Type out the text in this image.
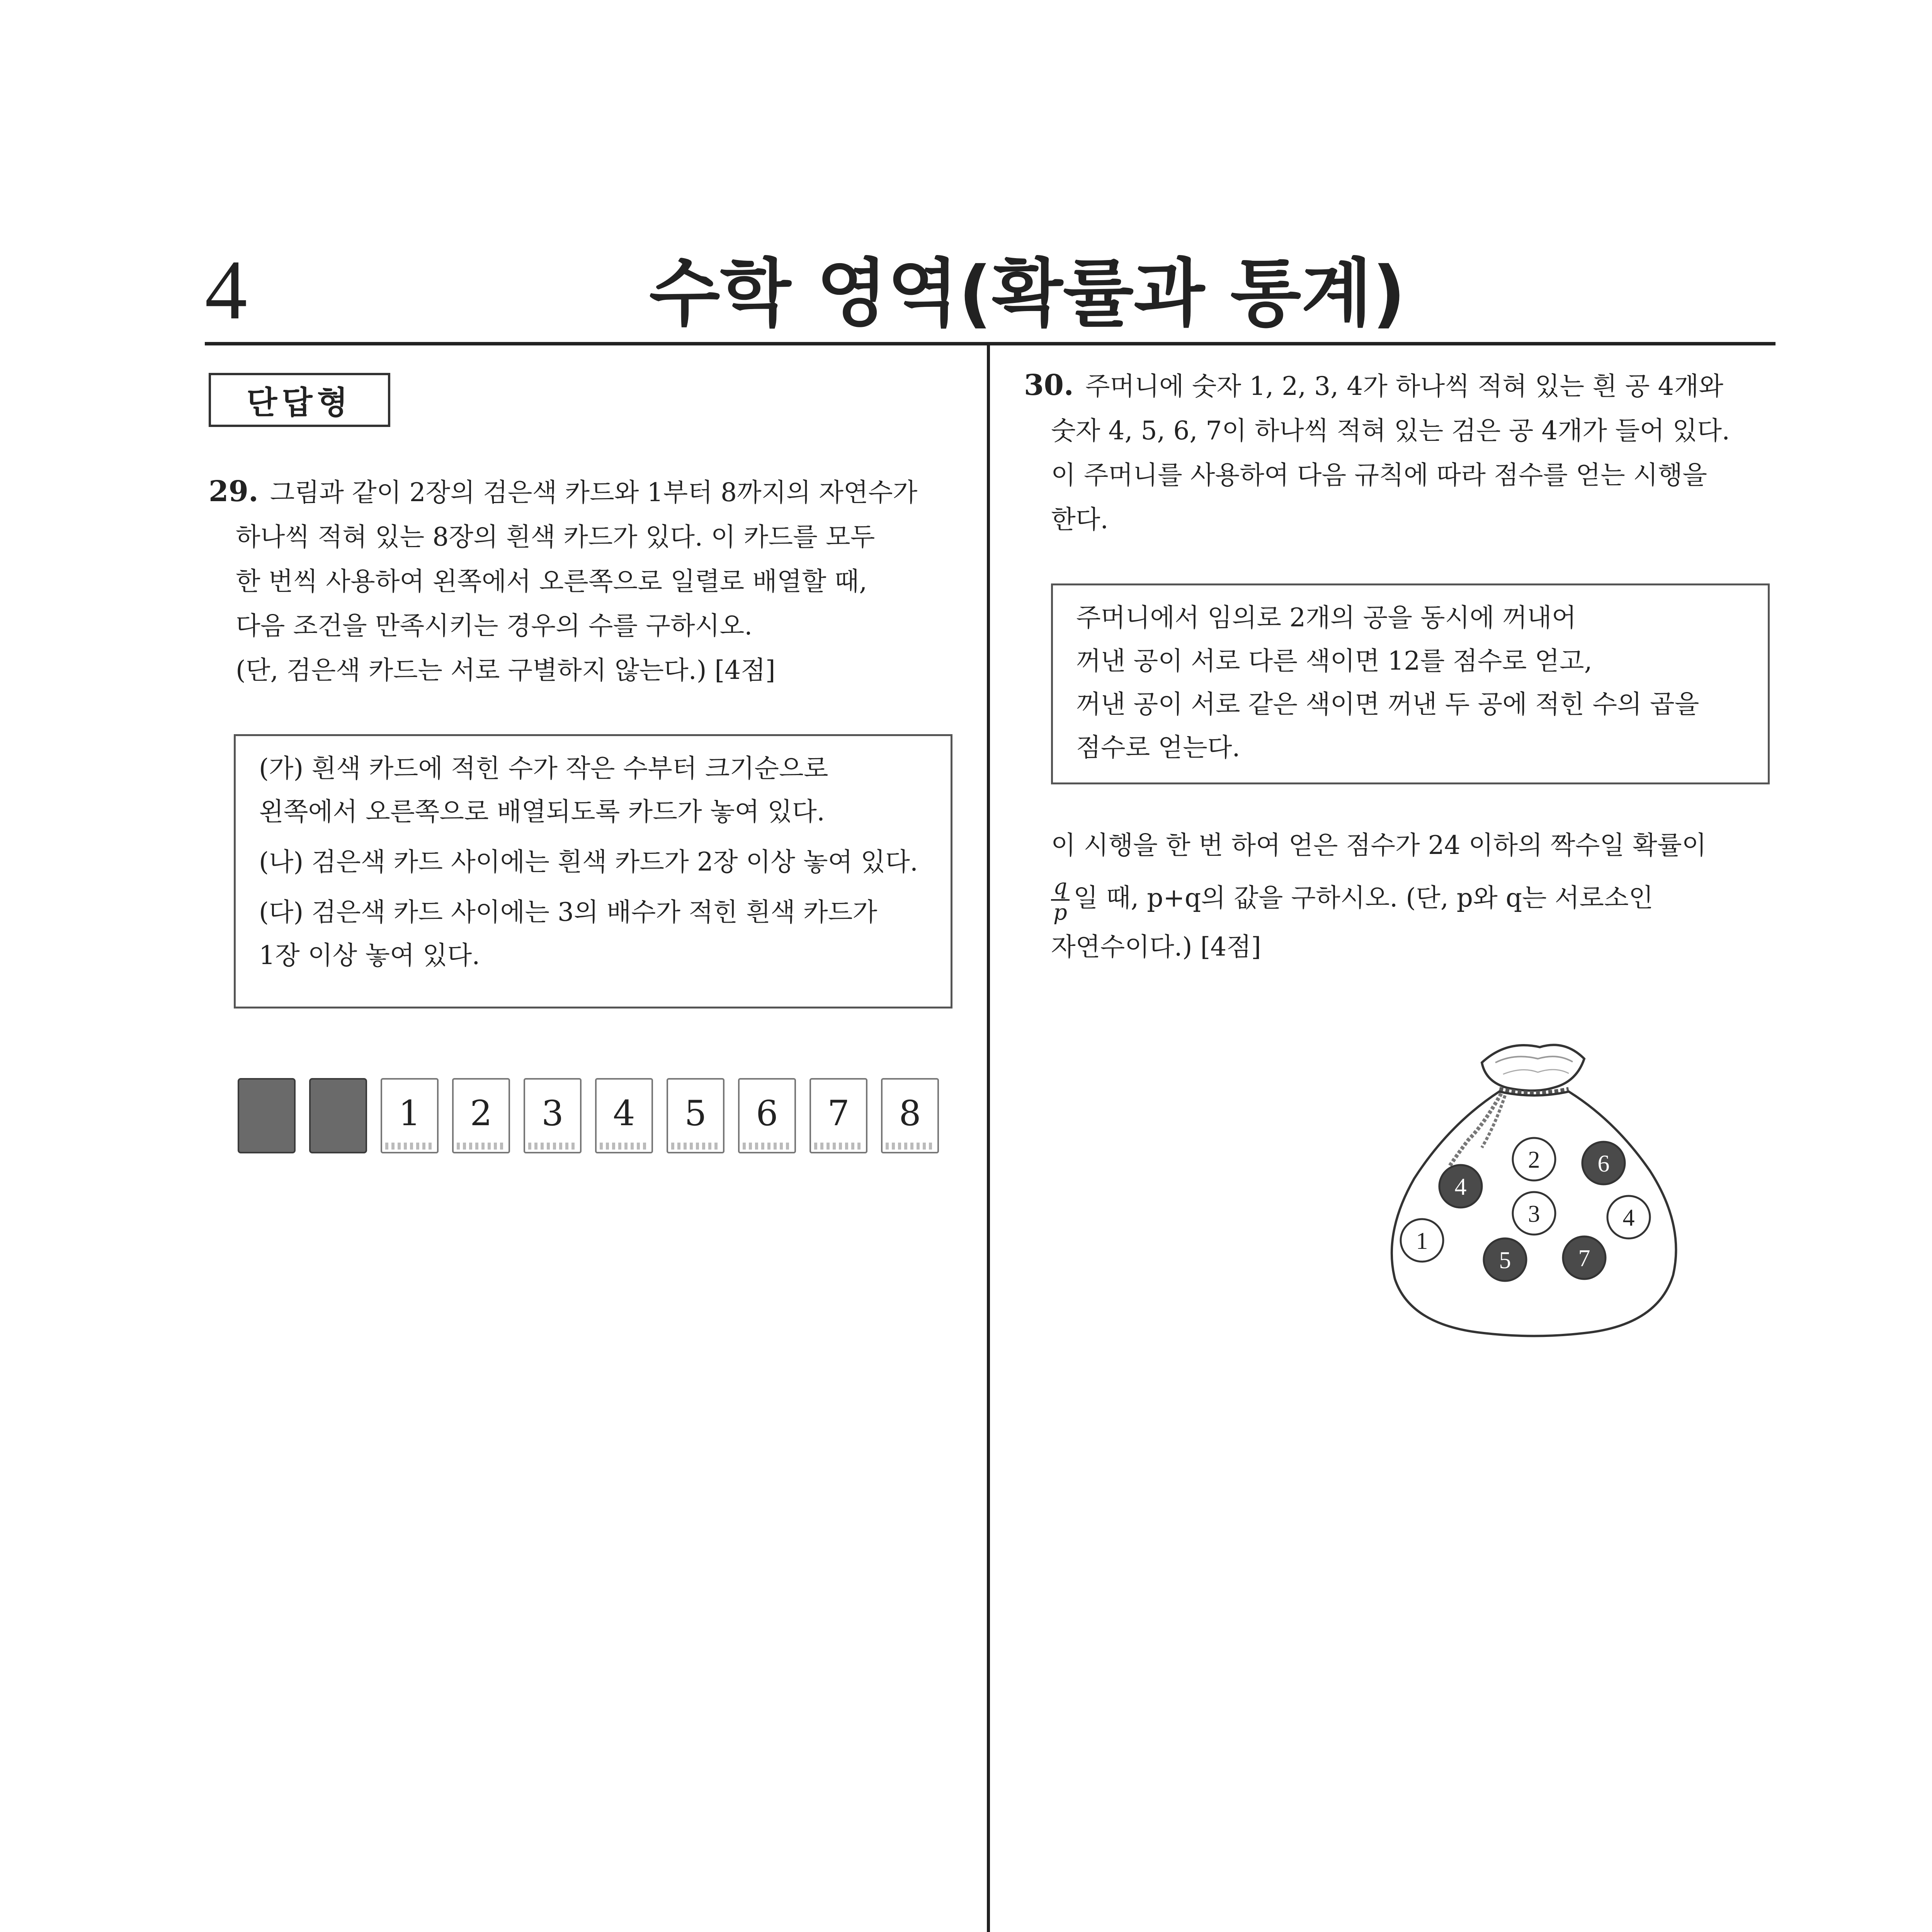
4	수학 영역(확률과 통계)
단답형
29. 그림과 같이 2장의 검은색 카드와 1부터 8까지의 자연수가
하나씩 적혀 있는 8장의 흰색 카드가 있다. 이 카드를 모두
한 번씩 사용하여 왼쪽에서 오른쪽으로 일렬로 배열할 때,
다음 조건을 만족시키는 경우의 수를 구하시오.
(단, 검은색 카드는 서로 구별하지 않는다.) [4점]
(가) 흰색 카드에 적힌 수가 작은 수부터 크기순으로
왼쪽에서 오른쪽으로 배열되도록 카드가 놓여 있다.
(나) 검은색 카드 사이에는 흰색 카드가 2장 이상 놓여 있다.
(다) 검은색 카드 사이에는 3의 배수가 적힌 흰색 카드가
1장 이상 놓여 있다.
1	2	3	4	5	6	7	8
30. 주머니에 숫자 1, 2, 3, 4가 하나씩 적혀 있는 흰 공 4개와
숫자 4, 5, 6, 7이 하나씩 적혀 있는 검은 공 4개가 들어 있다.
이 주머니를 사용하여 다음 규칙에 따라 점수를 얻는 시행을
한다.
주머니에서 임의로 2개의 공을 동시에 꺼내어
꺼낸 공이 서로 다른 색이면 12를 점수로 얻고,
꺼낸 공이 서로 같은 색이면 꺼낸 두 공에 적힌 수의 곱을
점수로 얻는다.
이 시행을 한 번 하여 얻은 점수가 24 이하의 짝수일 확률이
$\frac{q}{p}$ 일 때, p+q의 값을 구하시오. (단, p와 q는 서로소인
자연수이다.) [4점]
2 6
4
3	4
1
5	7
